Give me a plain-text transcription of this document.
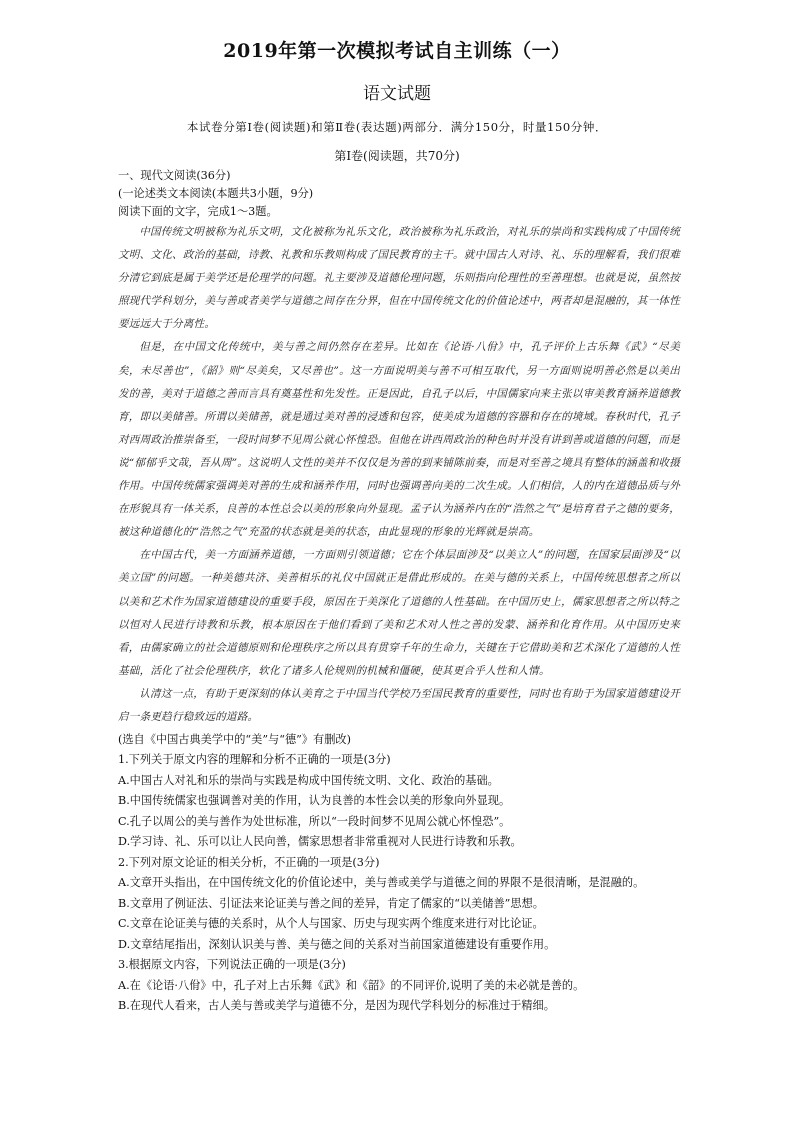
2019年第一次模拟考试自主训练（一）
语文试题
本试卷分第Ⅰ卷(阅读题)和第Ⅱ卷(表达题)两部分．满分150分，时量150分钟．
第Ⅰ卷(阅读题，共70分)

一、现代文阅读(36分)

(一论述类文本阅读(本题共3小题，9分)

阅读下面的文字，完成1～3题。

中国传统文明被称为礼乐文明，文化被称为礼乐文化，政治被称为礼乐政治，对礼乐的崇尚和实践构成了中国传统文明、文化、政治的基础，诗教、礼教和乐教则构成了国民教育的主干。就中国古人对诗、礼、乐的理解看，我们很难分清它到底是属于美学还是伦理学的问题。礼主要涉及道德伦理问题，乐则指向伦理性的至善理想。也就是说，虽然按照现代学科划分，美与善或者美学与道德之间存在分界，但在中国传统文化的价值论述中，两者却是混融的，其一体性要远远大于分离性。

但是，在中国文化传统中，美与善之间仍然存在差异。比如在《论语·八佾》中，孔子评价上古乐舞《武》“尽美矣，未尽善也”，《韶》则“尽美矣，又尽善也”。这一方面说明美与善不可相互取代，另一方面则说明善必然是以美出发的善，美对于道德之善而言具有奠基性和先发性。正是因此，自孔子以后，中国儒家向来主张以审美教育涵养道德教育，即以美储善。所谓以美储善，就是通过美对善的浸透和包容，使美成为道德的容器和存在的境域。春秋时代，孔子对西周政治推崇备至，一段时间梦不见周公就心怀惶恐。但他在讲西周政治的种色时并没有讲到善或道德的问题，而是说“郁郁乎文哉，吾从周”。这说明人文性的美并不仅仅是为善的到来铺陈前奏，而是对至善之境具有整体的涵盖和收摄作用。中国传统儒家强调美对善的生成和涵养作用，同时也强调善向美的二次生成。人们相信，人的内在道德品质与外在形貌具有一体关系，良善的本性总会以美的形象向外显现。孟子认为涵养内在的“浩然之气”是培育君子之德的要务，被这种道德化的“浩然之气”充盈的状态就是美的状态，由此显现的形象的光辉就是崇高。

在中国古代，美一方面涵养道德，一方面则引领道德；它在个体层面涉及“以美立人”的问题，在国家层面涉及“以美立国”的问题。一种美德共济、美善相乐的礼仪中国就正是借此形成的。在美与德的关系上，中国传统思想者之所以以美和艺术作为国家道德建设的重要手段，原因在于美深化了道德的人性基础。在中国历史上，儒家思想者之所以特之以恒对人民进行诗教和乐教，根本原因在于他们看到了美和艺术对人性之善的发蒙、涵养和化育作用。从中国历史来看，由儒家确立的社会道德原则和伦理秩序之所以具有贯穿千年的生命力，关键在于它借助美和艺术深化了道德的人性基础，活化了社会伦理秩序，软化了诸多人伦规则的机械和僵硬，使其更合乎人性和人情。

认清这一点，有助于更深刻的体认美育之于中国当代学校乃至国民教育的重要性，同时也有助于为国家道德建设开启一条更趋行稳致远的道路。

(选自《中国古典美学中的“美”与“德”》有删改)

1.下列关于原文内容的理解和分析不正确的一项是(3分)

A.中国古人对礼和乐的崇尚与实践是构成中国传统文明、文化、政治的基础。

B.中国传统儒家也强调善对美的作用，认为良善的本性会以美的形象向外显现。

C.孔子以周公的美与善作为处世标准，所以“一段时间梦不见周公就心怀惶恐”。

D.学习诗、礼、乐可以让人民向善，儒家思想者非常重视对人民进行诗教和乐教。

2.下列对原文论证的相关分析，不正确的一项是(3分)

A.文章开头指出，在中国传统文化的价值论述中，美与善或美学与道德之间的界限不是很清晰，是混融的。

B.文章用了例证法、引证法来论证美与善之间的差异，肯定了儒家的“以美储善”思想。

C.文章在论证美与德的关系时，从个人与国家、历史与现实两个维度来进行对比论证。

D.文章结尾指出，深刻认识美与善、美与德之间的关系对当前国家道德建设有重要作用。

3.根据原文内容，下列说法正确的一项是(3分)

A.在《论语·八佾》中，孔子对上古乐舞《武》和《韶》的不同评价,说明了美的未必就是善的。

B.在现代人看来，古人美与善或美学与道德不分，是因为现代学科划分的标准过于精细。
